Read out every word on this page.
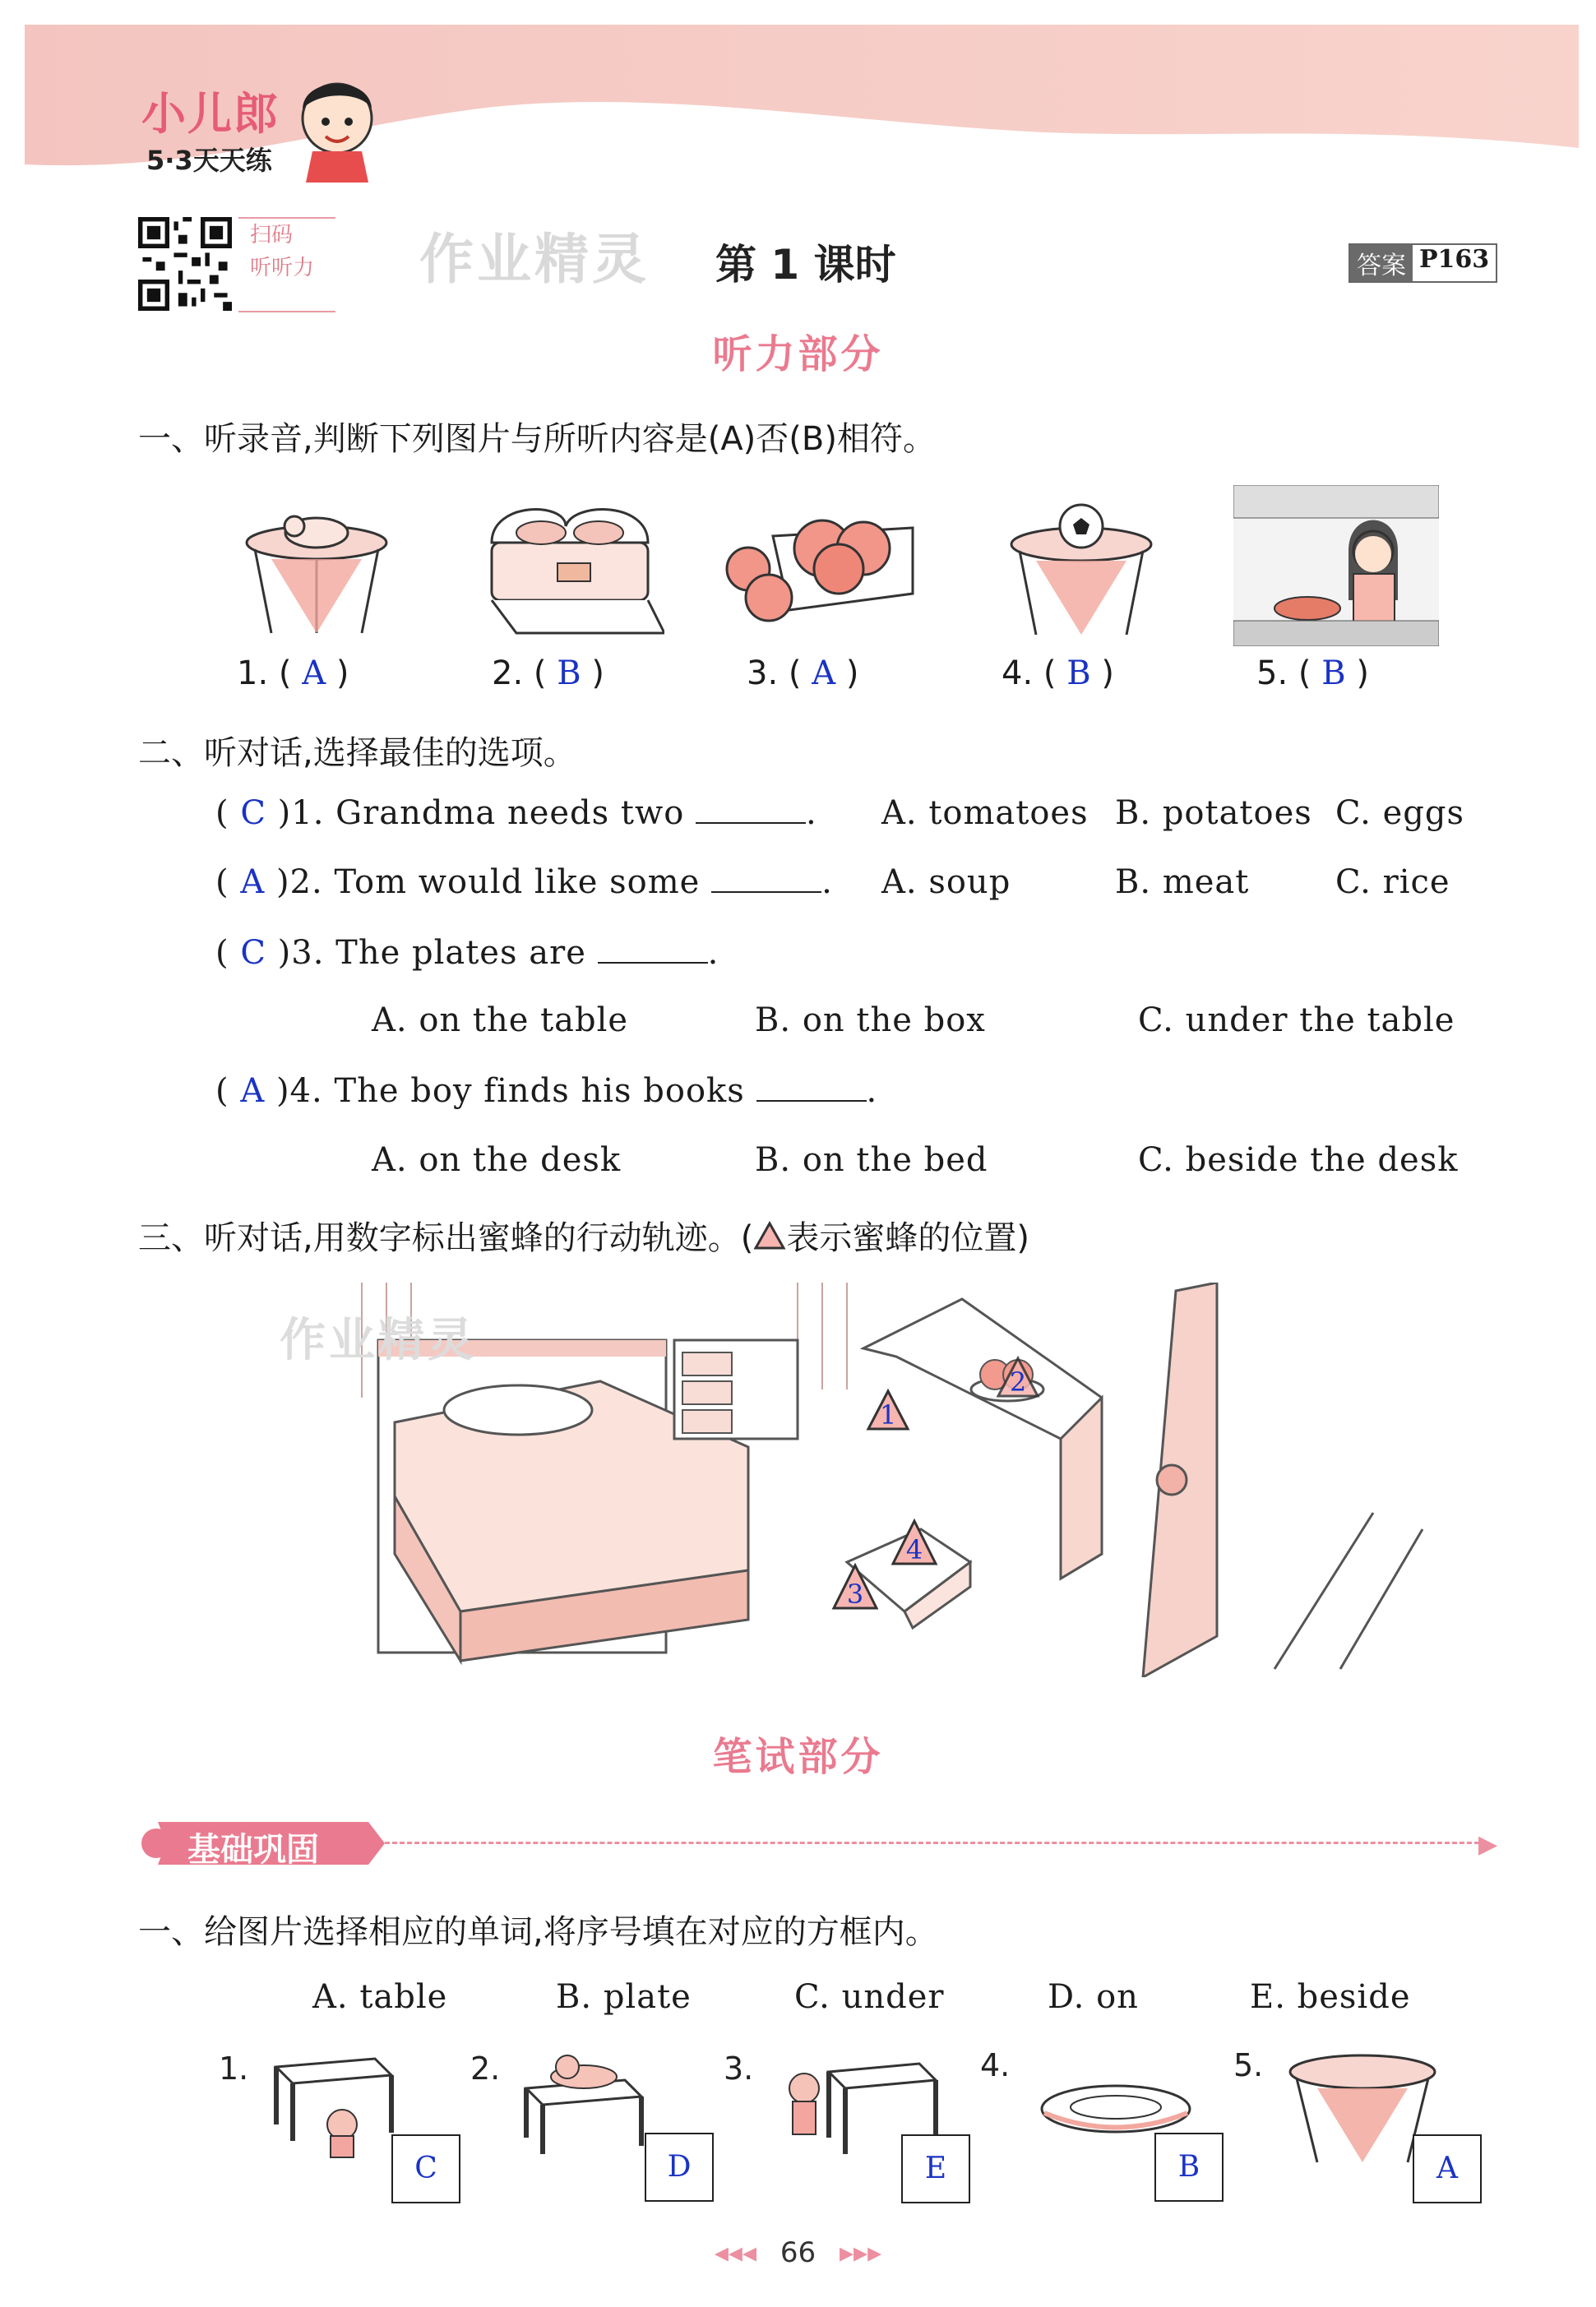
小儿郎
5·3天天练
扫码
听听力	作业精灵 第 1 课时	答案 P163
听力部分
一、听录音,判断下列图片与所听内容是(A)否(B)相符。
1. ( A )	2. ( B )	3. ( A )	4. ( B )	5. ( B )
二、听对话,选择最佳的选项。
( C )1. Grandma needs two	. A. tomatoes B. potatoes C. eggs
( A )2. Tom would like some	. A. soup	B. meat	C. rice
( C )3. The plates are	.
A. on the table	B. on the box	C. under the table
( A )4. The boy finds his books	.
A. on the desk	B. on the bed	C. beside the desk
三、听对话,用数字标出蜜蜂的行动轨迹。( 表示蜜蜂的位置)
1
2
3
4
作业精灵
笔试部分
基础巩固	▶
一、给图片选择相应的单词,将序号填在对应的方框内。
A. table	B. plate	C. under	D. on	E. beside
1.
C
2.
D
3.
E
4.
B
5.
A
◂◂◂ 66 ▸▸▸
